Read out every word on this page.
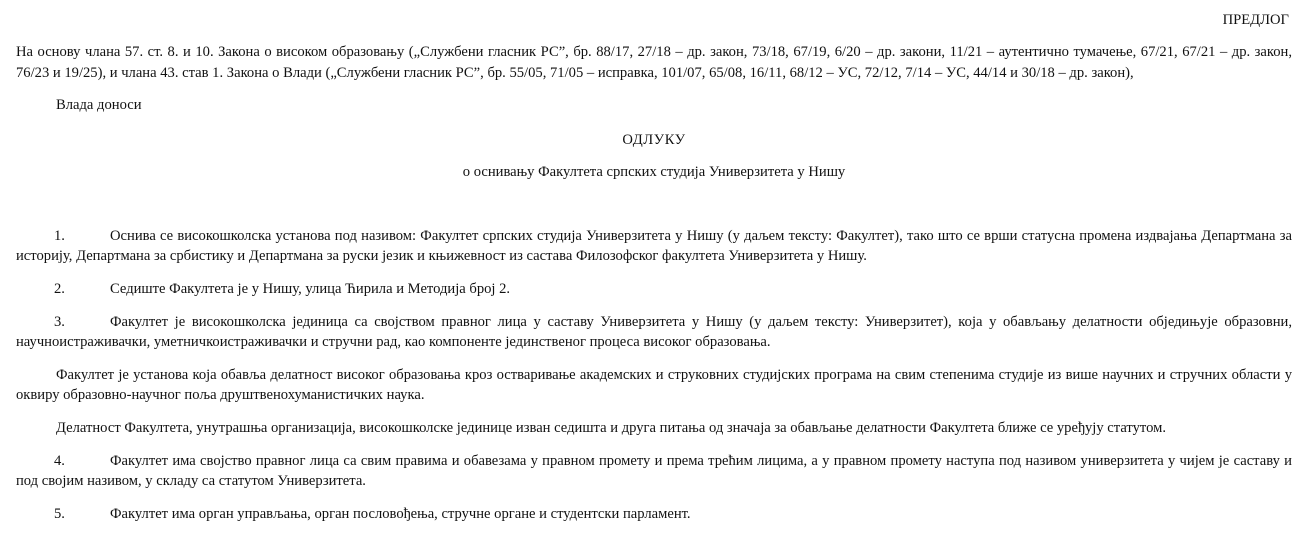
ПРЕДЛОГ

На основу члана 57. ст. 8. и 10. Закона о високом образовању („Службени гласник РС”, бр. 88/17, 27/18 – др. закон, 73/18, 67/19, 6/20 – др. закони, 11/21 – аутентично тумачење, 67/21, 67/21 – др. закон, 76/23 и 19/25), и члана 43. став 1. Закона о Влади („Службени гласник РС”, бр. 55/05, 71/05 – исправка, 101/07, 65/08, 16/11, 68/12 – УС, 72/12, 7/14 – УС, 44/14 и 30/18 – др. закон),

Влада доноси

ОДЛУКУ
о оснивању Факултета српских студија Универзитета у Нишу

1.	Оснива се високошколска установа под називом: Факултет српских студија Универзитета у Нишу (у даљем тексту: Факултет), тако што се врши статусна промена издвајања Департмана за историју, Департмана за србистику и Департмана за руски језик и књижевност из састава Филозофског факултета Универзитета у Нишу.

2.	Седиште Факултета је у Нишу, улица Ћирила и Методија број 2.

3.	Факултет је високошколска јединица са својством правног лица у саставу Универзитета у Нишу (у даљем тексту: Универзитет), која у обављању делатности обједињује образовни, научноистраживачки, уметничкоистраживачки и стручни рад, као компоненте јединственог процеса високог образовања.

Факултет је установа која обавља делатност високог образовања кроз остваривање академских и струковних студијских програма на свим степенима студије из више научних и стручних области у оквиру образовно-научног поља друштвенохуманистичких наука.

Делатност Факултета, унутрашња организација, високошколске јединице изван седишта и друга питања од значаја за обављање делатности Факултета ближе се уређују статутом.

4.	Факултет има својство правног лица са свим правима и обавезама у правном промету и према трећим лицима, а у правном промету наступа под називом универзитета у чијем је саставу и под својим називом, у складу са статутом Универзитета.

5.	Факултет има орган управљања, орган пословођења, стручне органе и студентски парламент.
